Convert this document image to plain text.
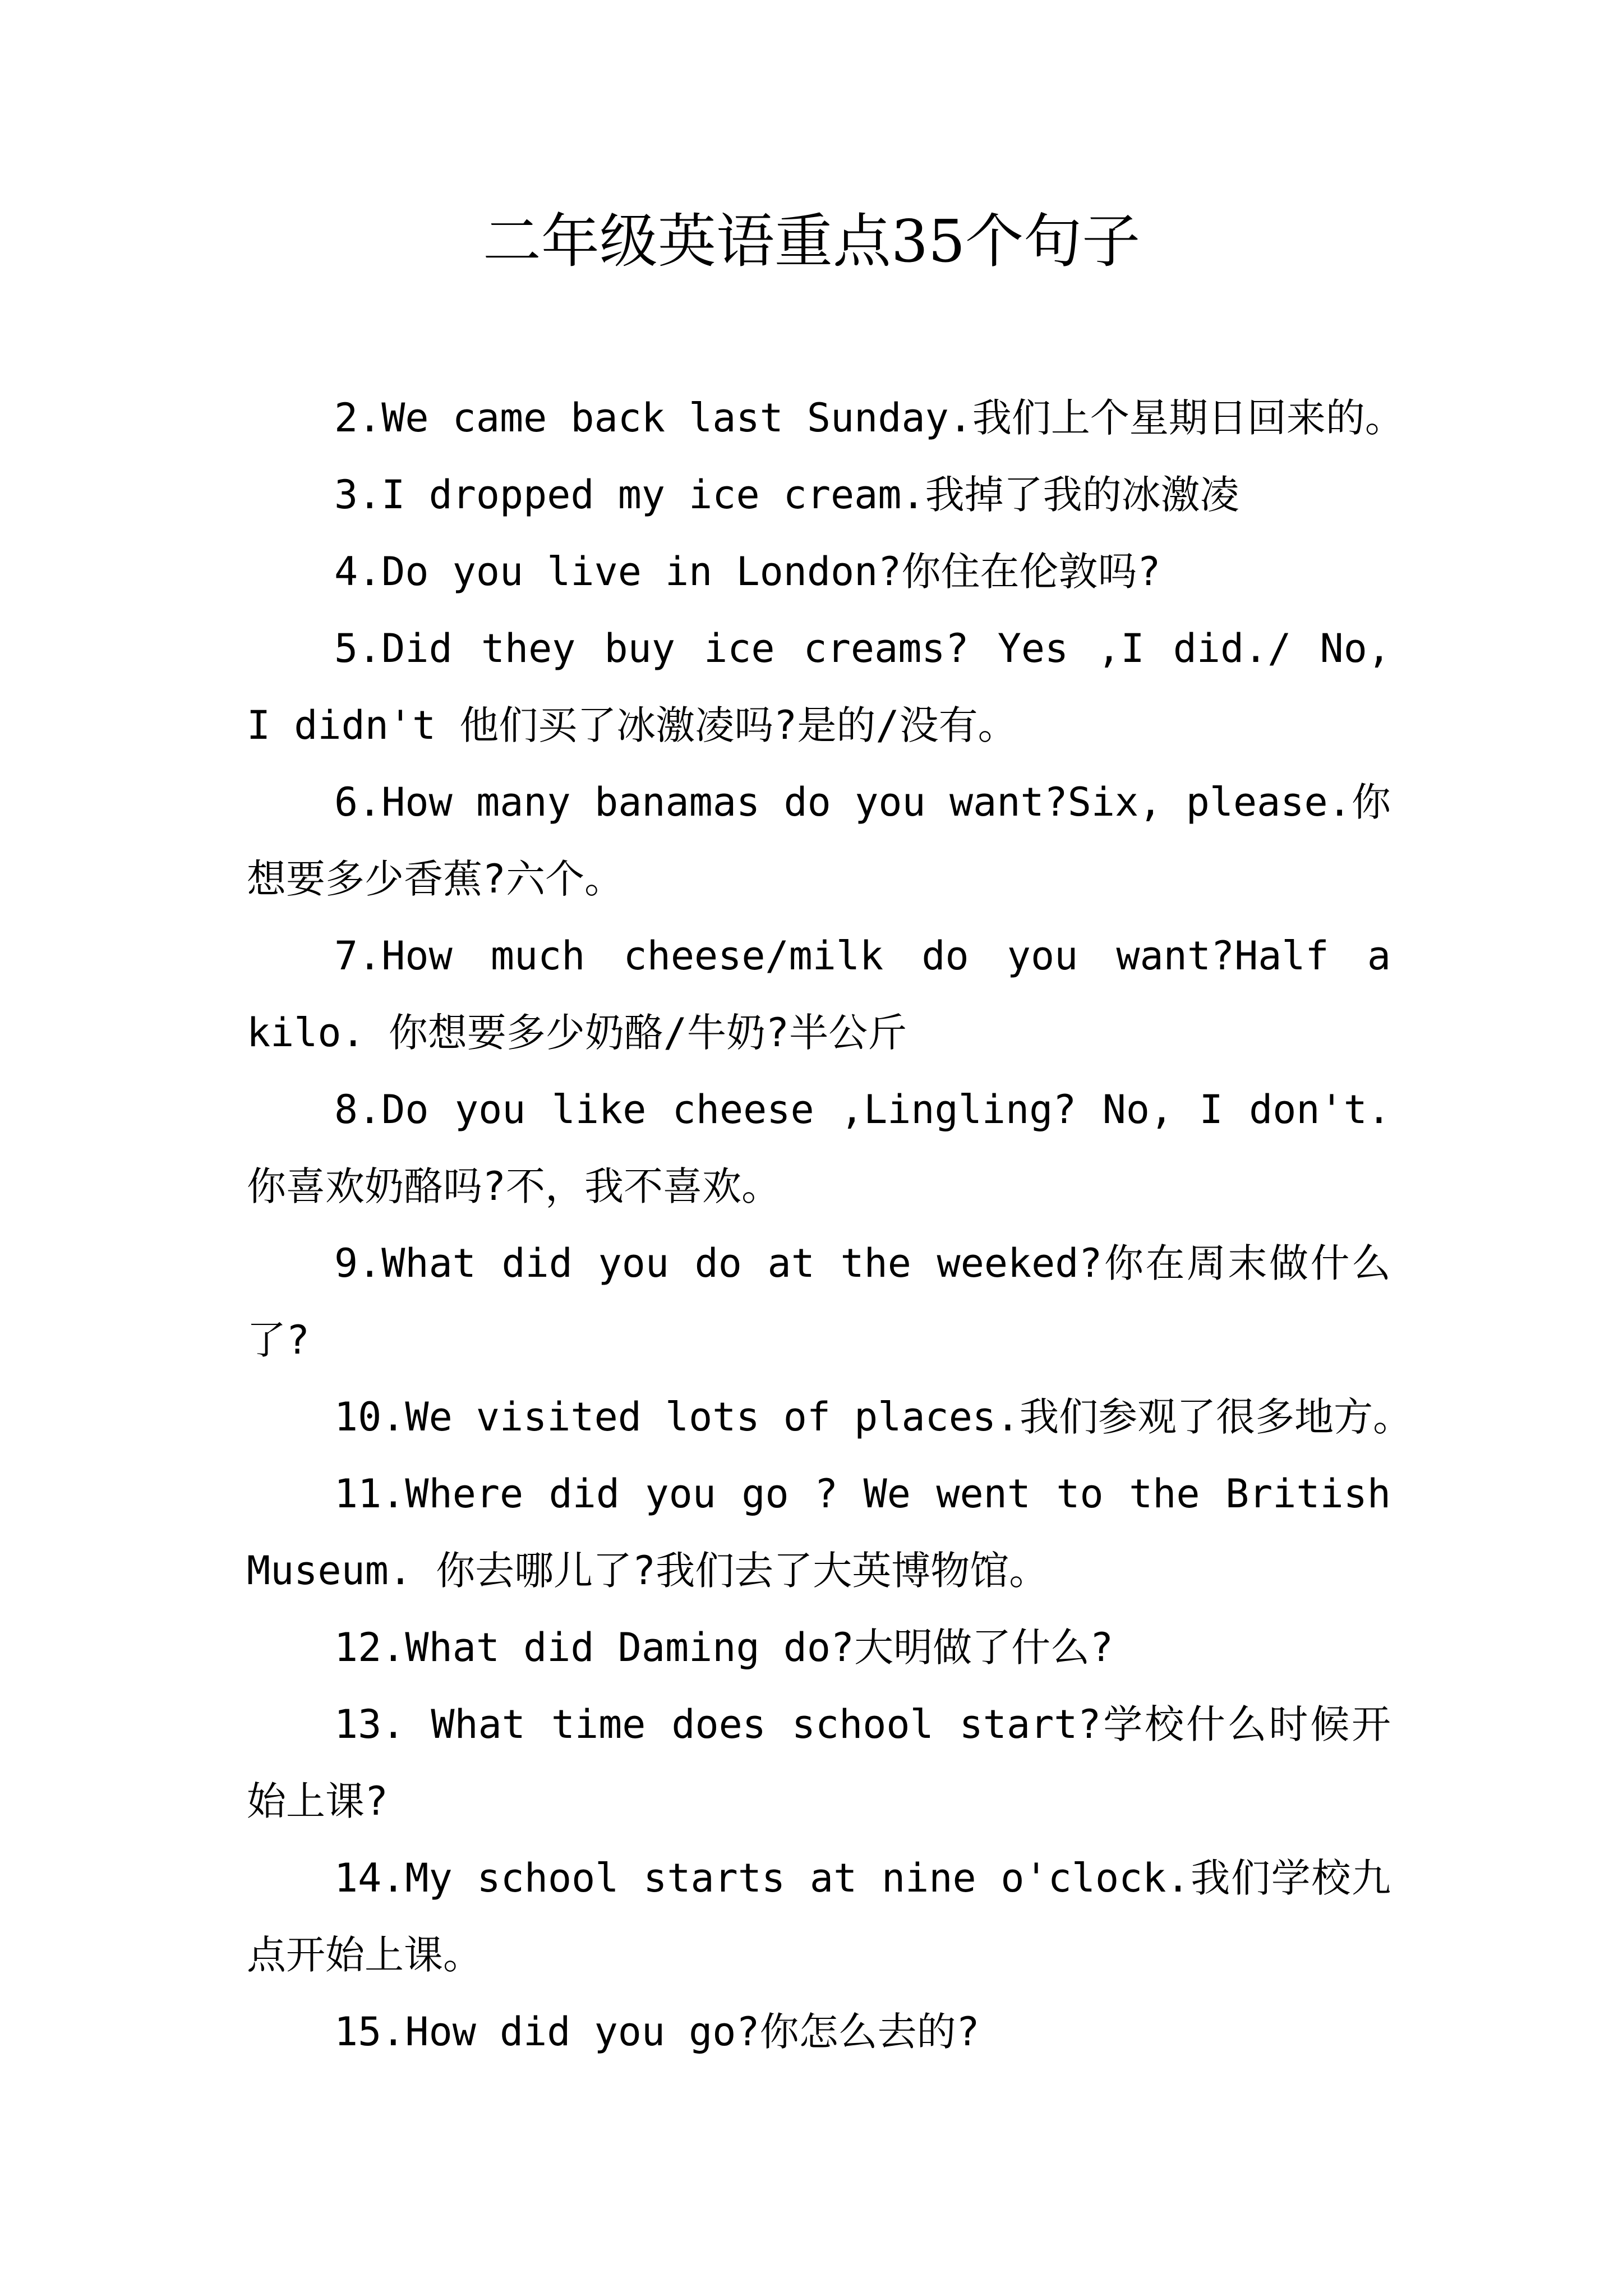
二年级英语重点35个句子

2.We came back last Sunday.我们上个星期日回来的。

3.I dropped my ice cream.我掉了我的冰激凌

4.Do you live in London?你住在伦敦吗?

5.Did they buy ice creams? Yes ,I did./ No, I didn't 他们买了冰激凌吗?是的/没有。

6.How many banamas do you want?Six, please.你想要多少香蕉?六个。

7.How much cheese/milk do you want?Half a kilo. 你想要多少奶酪/牛奶?半公斤

8.Do you like cheese ,Lingling? No, I don't. 你喜欢奶酪吗?不，我不喜欢。

9.What did you do at the weeked?你在周末做什么了?

10.We visited lots of places.我们参观了很多地方。

11.Where did you go ? We went to the British Museum. 你去哪儿了?我们去了大英博物馆。

12.What did Daming do?大明做了什么?

13. What time does school start?学校什么时候开始上课?

14.My school starts at nine o'clock.我们学校九点开始上课。

15.How did you go?你怎么去的?
